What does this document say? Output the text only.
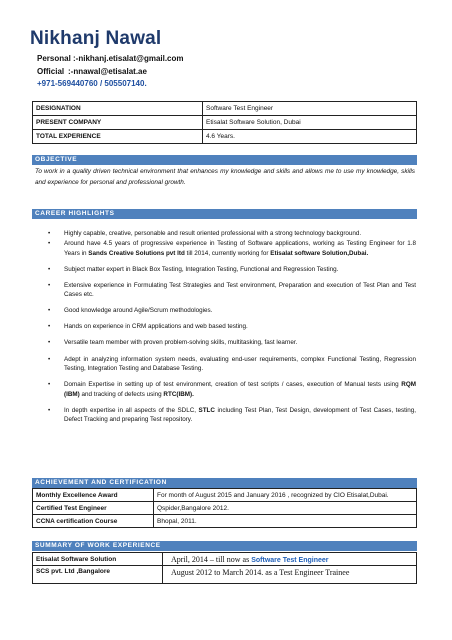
Nikhanj Nawal
Personal :-nikhanj.etisalat@gmail.com
Official :-nnawal@etisalat.ae
+971-569440760 / 505507140.
DESIGNATION	Software Test Engineer
PRESENT COMPANY	Etisalat Software Solution, Dubai
TOTAL EXPERIENCE	4.6 Years.
OBJECTIVE
To work in a quality driven technical environment that enhances my knowledge and skills and allows me to use my knowledge, skills and experience for personal and professional growth.
CAREER HIGHLIGHTS
• Highly capable, creative, personable and result oriented professional with a strong technology background.
• Around have 4.5 years of progressive experience in Testing of Software applications, working as Testing Engineer for 1.8 Years in Sands Creative Solutions pvt ltd till 2014, currently working for Etisalat software Solution,Dubai.
• Subject matter expert in Black Box Testing, Integration Testing, Functional and Regression Testing.
• Extensive experience in Formulating Test Strategies and Test environment, Preparation and execution of Test Plan and Test Cases etc.
• Good knowledge around Agile/Scrum methodologies.
• Hands on experience in CRM applications and web based testing.
• Versatile team member with proven problem-solving skills, multitasking, fast learner.
• Adept in analyzing information system needs, evaluating end-user requirements, complex Functional Testing, Regression Testing, Integration Testing and Database Testing.
• Domain Expertise in setting up of test environment, creation of test scripts / cases, execution of Manual tests using RQM (IBM) and tracking of defects using RTC(IBM).
• In depth expertise in all aspects of the SDLC, STLC including Test Plan, Test Design, development of Test Cases, testing, Defect Tracking and preparing Test repository.
ACHIEVEMENT AND CERTIFICATION
Monthly Excellence Award	For month of August 2015 and January 2016 , recognized by CIO Etisalat,Dubai.
Certified Test Engineer	Qspider,Bangalore 2012.
CCNA certification Course	Bhopal, 2011.
SUMMARY OF WORK EXPERIENCE
Etisalat Software Solution	April, 2014 – till now as Software Test Engineer
SCS pvt. Ltd ,Bangalore	August 2012 to March 2014. as a Test Engineer Trainee
